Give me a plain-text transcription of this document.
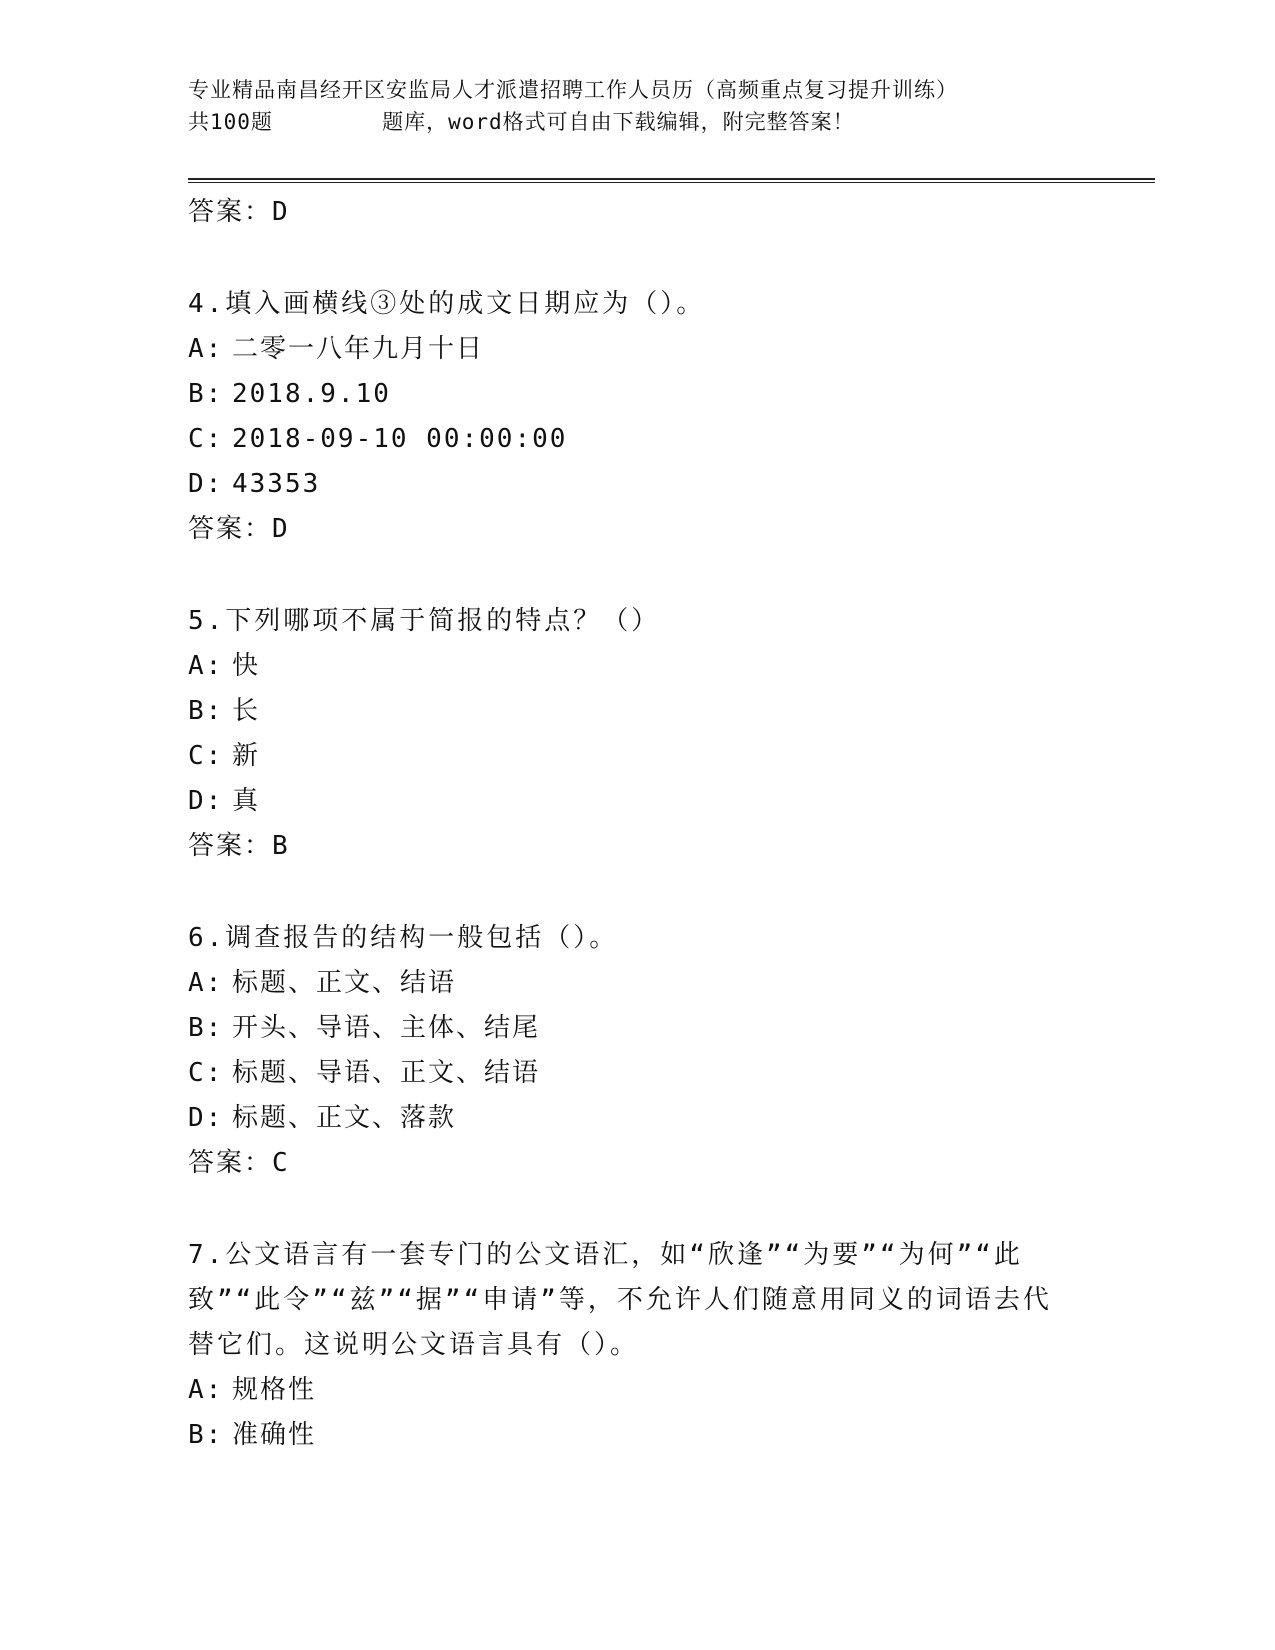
专业精品南昌经开区安监局人才派遣招聘工作人员历（高频重点复习提升训练）
共100题        题库，word格式可自由下载编辑，附完整答案！
答案：D
4.填入画横线③处的成文日期应为（）。
A: 二零一八年九月十日
B: 2018.9.10
C: 2018-09-10 00:00:00
D: 43353
答案：D
5.下列哪项不属于简报的特点？（）
A: 快
B: 长
C: 新
D: 真
答案：B
6.调查报告的结构一般包括（）。
A: 标题、正文、结语
B: 开头、导语、主体、结尾
C: 标题、导语、正文、结语
D: 标题、正文、落款
答案：C
7.公文语言有一套专门的公文语汇，如“欣逢”“为要”“为何”“此致”“此令”“兹”“据”“申请”等，不允许人们随意用同义的词语去代替它们。这说明公文语言具有（）。
A: 规格性
B: 准确性
